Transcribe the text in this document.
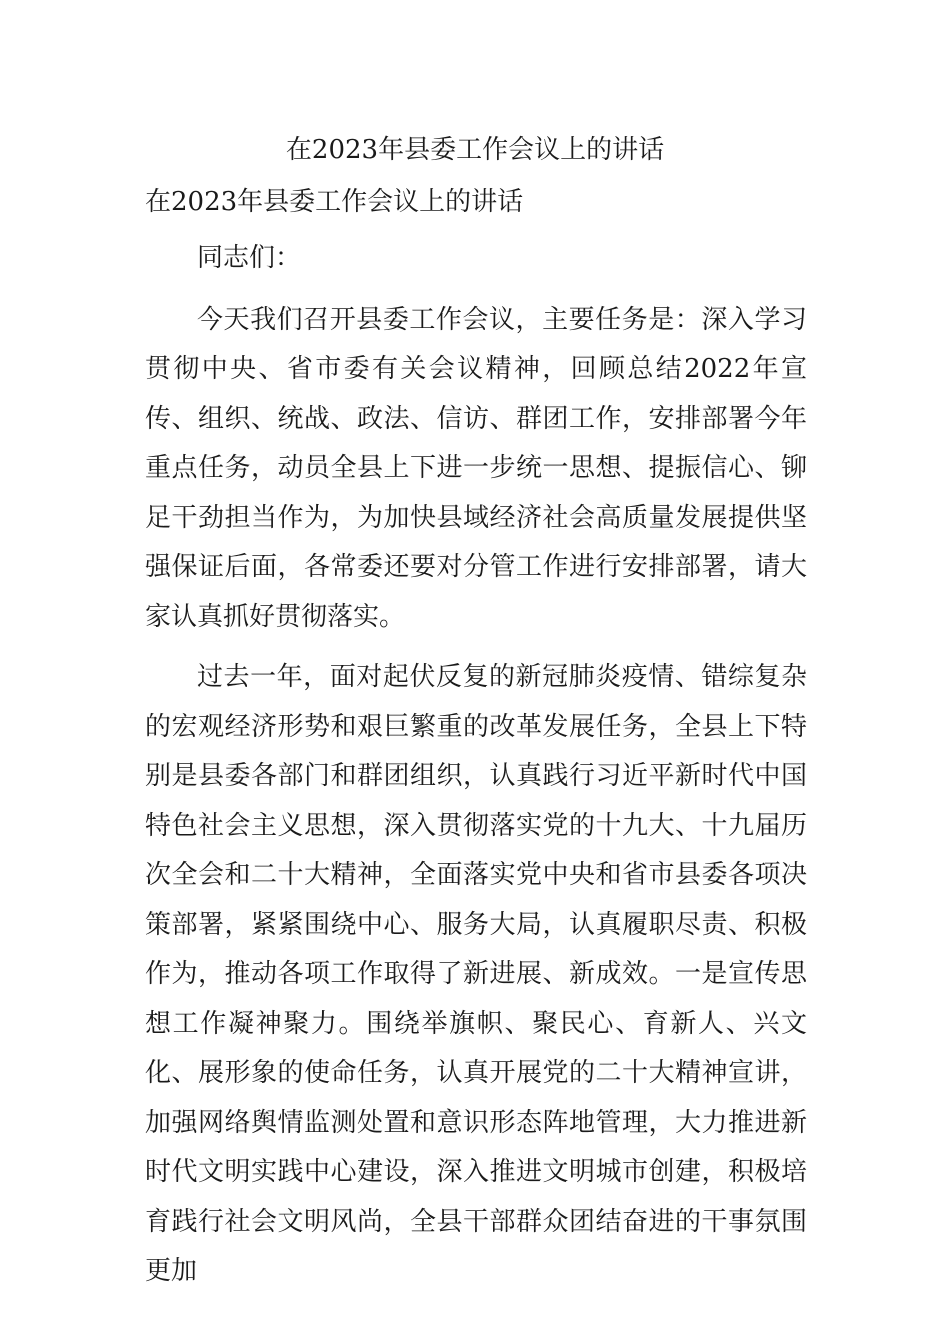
在2023年县委工作会议上的讲话
在2023年县委工作会议上的讲话

同志们：

今天我们召开县委工作会议，主要任务是：深入学习贯彻中央、省市委有关会议精神，回顾总结2022年宣传、组织、统战、政法、信访、群团工作，安排部署今年重点任务，动员全县上下进一步统一思想、提振信心、铆足干劲担当作为，为加快县域经济社会高质量发展提供坚强保证后面，各常委还要对分管工作进行安排部署，请大家认真抓好贯彻落实。

过去一年，面对起伏反复的新冠肺炎疫情、错综复杂的宏观经济形势和艰巨繁重的改革发展任务，全县上下特别是县委各部门和群团组织，认真践行习近平新时代中国特色社会主义思想，深入贯彻落实党的十九大、十九届历次全会和二十大精神，全面落实党中央和省市县委各项决策部署，紧紧围绕中心、服务大局，认真履职尽责、积极作为，推动各项工作取得了新进展、新成效。一是宣传思想工作凝神聚力。围绕举旗帜、聚民心、育新人、兴文化、展形象的使命任务，认真开展党的二十大精神宣讲，加强网络舆情监测处置和意识形态阵地管理，大力推进新时代文明实践中心建设，深入推进文明城市创建，积极培育践行社会文明风尚，全县干部群众团结奋进的干事氛围更加
